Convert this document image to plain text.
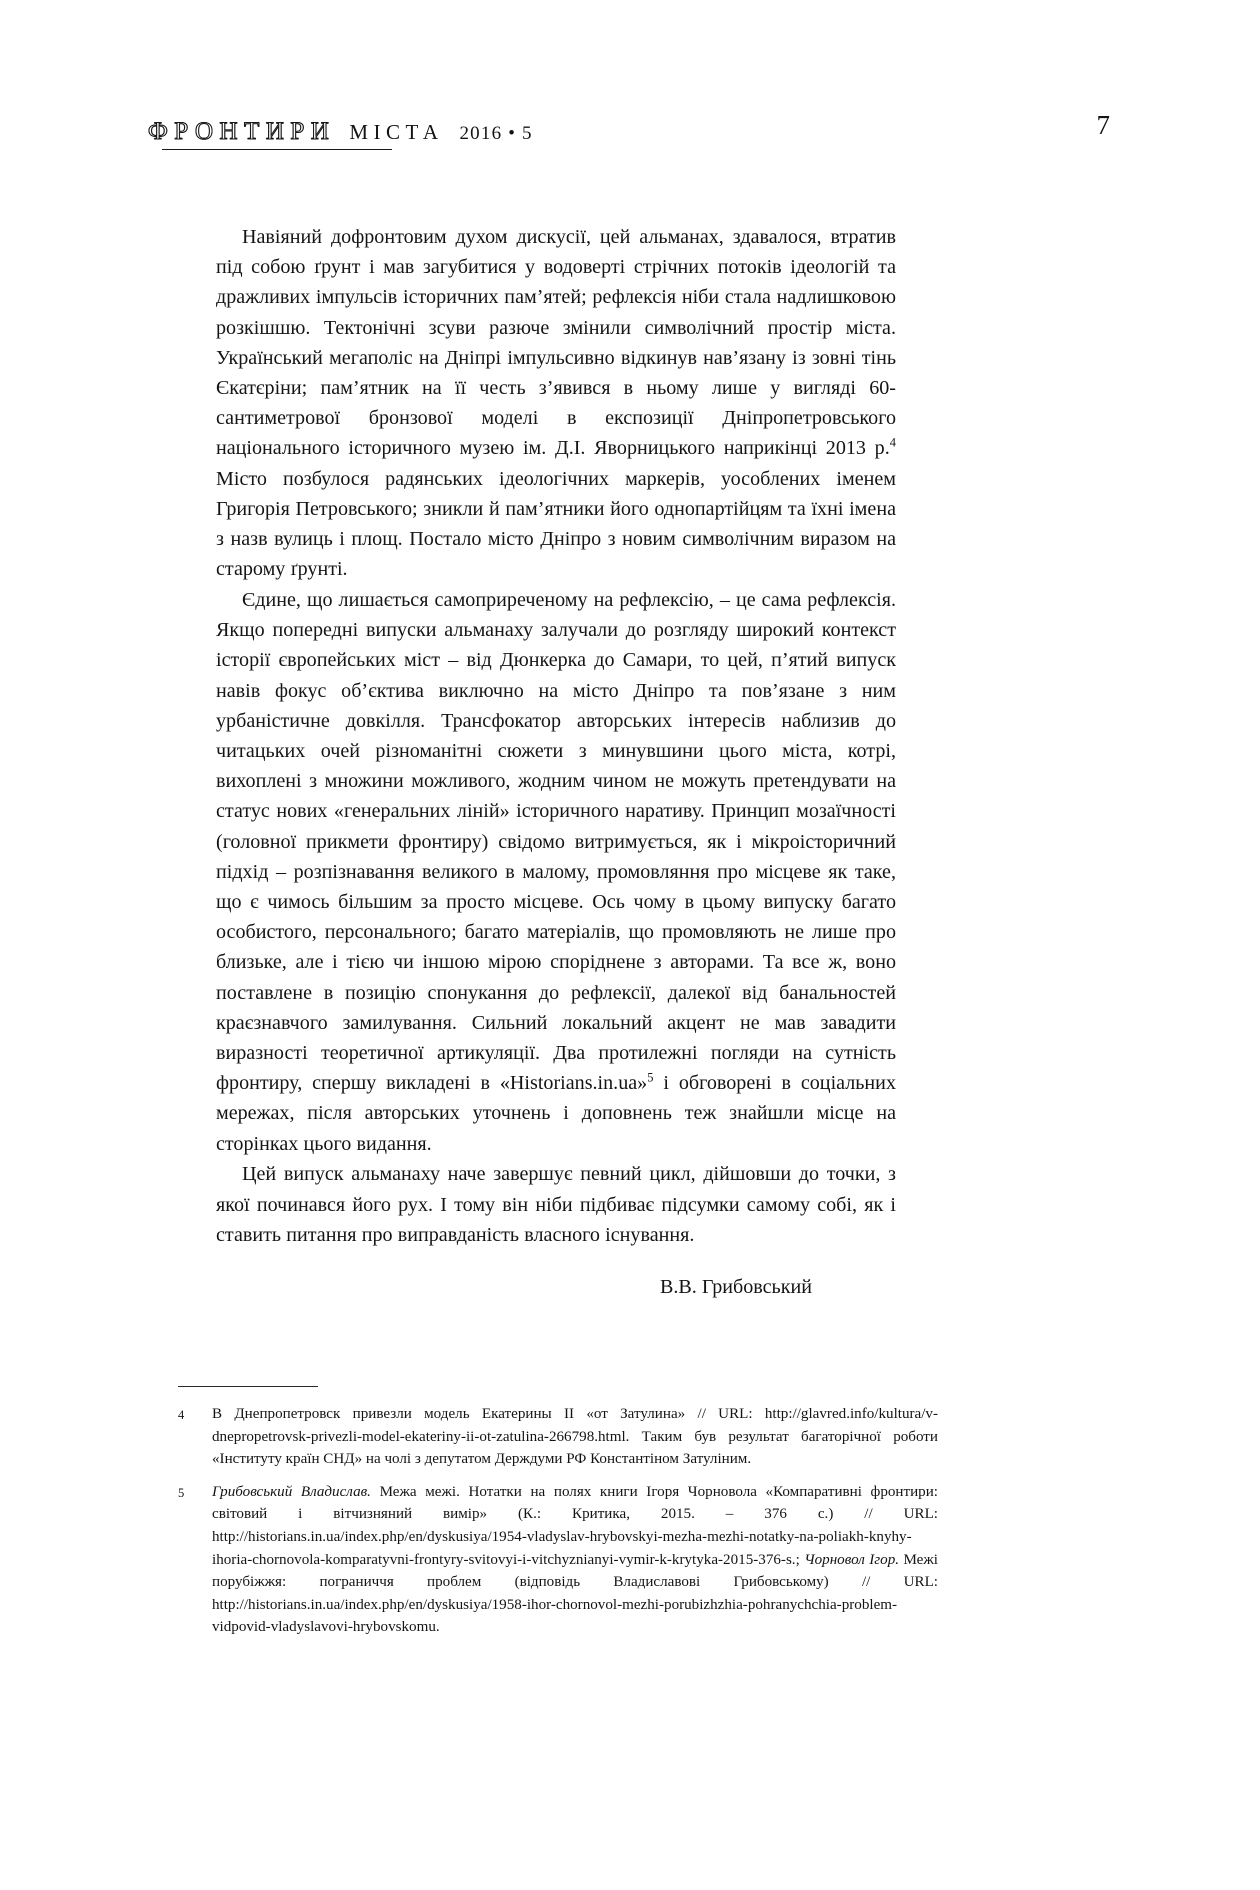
ФРОНТИРИ МІСТА 2016 • 5	7

Навіяний дофронтовим духом дискусії, цей альманах, здавалося, втратив під собою ґрунт і мав загубитися у водоверті стрічних потоків ідеологій та дражливих імпульсів історичних пам’ятей; рефлексія ніби стала надлишковою розкішшю. Тектонічні зсуви разюче змінили символічний простір міста. Український мегаполіс на Дніпрі імпульсивно відкинув нав’язану із зовні тінь Єкатєріни; пам’ятник на її честь з’явився в ньому лише у вигляді 60-сантиметрової бронзової моделі в експозиції Дніпропетровського національного історичного музею ім. Д.І. Яворницького наприкінці 2013 р.$^4$ Місто позбулося радянських ідеологічних маркерів, уособлених іменем Григорія Петровського; зникли й пам’ятники його однопартійцям та їхні імена з назв вулиць і площ. Постало місто Дніпро з новим символічним виразом на старому ґрунті.

Єдине, що лишається самоприреченому на рефлексію, – це сама рефлексія. Якщо попередні випуски альманаху залучали до розгляду широкий контекст історії європейських міст – від Дюнкерка до Самари, то цей, п’ятий випуск навів фокус об’єктива виключно на місто Дніпро та пов’язане з ним урбаністичне довкілля. Трансфокатор авторських інтересів наблизив до читацьких очей різноманітні сюжети з минувшини цього міста, котрі, вихоплені з множини можливого, жодним чином не можуть претендувати на статус нових «генеральних ліній» історичного наративу. Принцип мозаїчності (головної прикмети фронтиру) свідомо витримується, як і мікроісторичний підхід – розпізнавання великого в малому, промовляння про місцеве як таке, що є чимось більшим за просто місцеве. Ось чому в цьому випуску багато особистого, персонального; багато матеріалів, що промовляють не лише про близьке, але і тією чи іншою мірою споріднене з авторами. Та все ж, воно поставлене в позицію спонукання до рефлексії, далекої від банальностей краєзнавчого замилування. Сильний локальний акцент не мав завадити виразності теоретичної артикуляції. Два протилежні погляди на сутність фронтиру, спершу викладені в «Historians.in.ua»$^5$ і обговорені в соціальних мережах, після авторських уточнень і доповнень теж знайшли місце на сторінках цього видання.

Цей випуск альманаху наче завершує певний цикл, дійшовши до точки, з якої починався його рух. І тому він ніби підбиває підсумки самому собі, як і ставить питання про виправданість власного існування.

В.В. Грибовський
4	В Днепропетровск привезли модель Екатерины II «от Затулина» // URL: http://glavred.info/kultura/v-dnepropetrovsk-privezli-model-ekateriny-ii-ot-zatulina-266798.html. Таким був результат багаторічної роботи «Інституту країн СНД» на чолі з депутатом Держдуми РФ Константіном Затуліним.
5	Грибовський Владислав. Межа межі. Нотатки на полях книги Ігоря Чорновола «Компаративні фронтири: світовий і вітчизняний вимір» (К.: Критика, 2015. – 376 с.) // URL: http://historians.in.ua/index.php/en/dyskusiya/1954-vladyslav-hrybovskyi-mezha-mezhi-notatky-na-poliakh-knyhy-ihoria-chornovola-komparatyvni-frontyry-svitovyi-i-vitchyznianyi-vymir-k-krytyka-2015-376-s.; Чорновол Ігор. Межі порубіжжя: пограниччя проблем (відповідь Владиславові Грибовському) // URL: http://historians.in.ua/index.php/en/dyskusiya/1958-ihor-chornovol-mezhi-porubizhzhia-pohranychchia-problem-vidpovid-vladyslavovi-hrybovskomu.
